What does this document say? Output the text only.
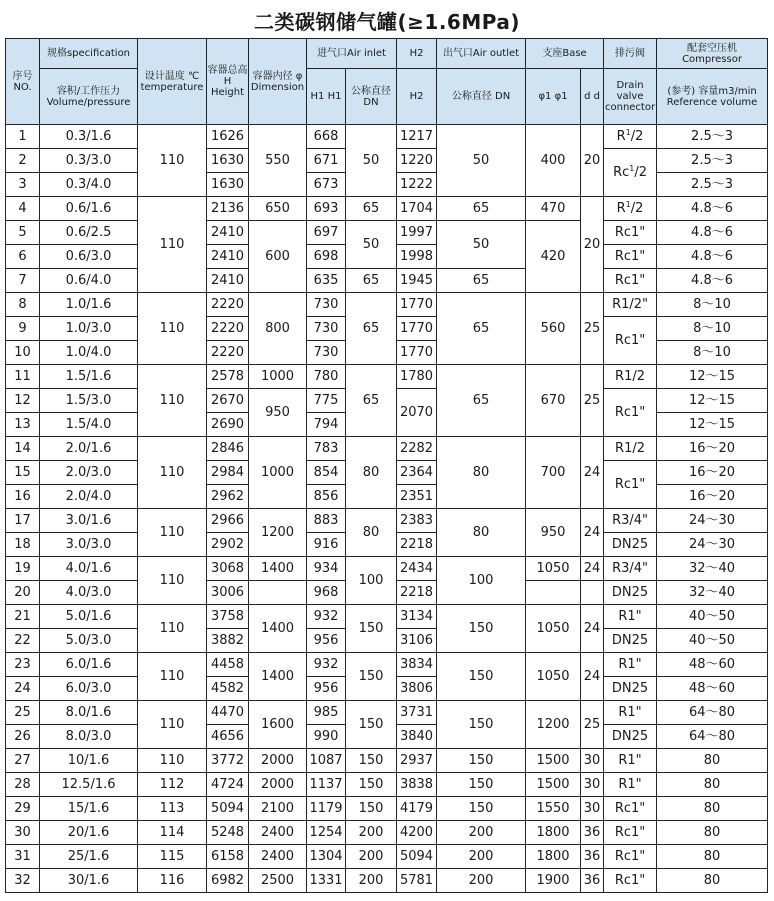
二类碳钢储气罐(≥1.6MPa)
序号NO.	规格specification	设计温度 ℃ temperature	容器总高 H Height	容器内径 φ Dimension	进气口Air inlet		H2	出气口Air outlet	支座Base		排污阀	配套空压机 Compressor
	容积/工作压力 Volume/pressure				H1 H1	公称直径 DN	H2	公称直径 DN	φ1 φ1	d d	Drain valve connector	(参考) 容量m3/min Reference volume
1	0.3/1.6	110	1626	550	668	50	1217	50	400	20	$R^1/2$	2.5～3
2	0.3/3.0		1630		671		1220				Rc$^1$/2	2.5～3
3	0.3/4.0		1630		673		1222					2.5～3
4	0.6/1.6	110	2136	650	693	65	1704	65	470	20	$R^1/2$	4.8～6
5	0.6/2.5		2410	600	697	50	1997	50	420		Rc1"	4.8～6
6	0.6/3.0		2410		698		1998				Rc1"	4.8～6
7	0.6/4.0		2410		635	65	1945	65			Rc1"	4.8～6
8	1.0/1.6	110	2220	800	730	65	1770	65	560	25	R1/2"	8～10
9	1.0/3.0		2220		730		1770				Rc1"	8～10
10	1.0/4.0		2220		730		1770					8～10
11	1.5/1.6	110	2578	1000	780	65	1780	65	670	25	R1/2	12～15
12	1.5/3.0		2670	950	775		2070				Rc1"	12～15
13	1.5/4.0		2690		794							12～15
14	2.0/1.6	110	2846	1000	783	80	2282	80	700	24	R1/2	16～20
15	2.0/3.0		2984		854		2364				Rc1"	16～20
16	2.0/4.0		2962		856		2351					16～20
17	3.0/1.6	110	2966	1200	883	80	2383	80	950	24	R3/4"	24～30
18	3.0/3.0		2902		916		2218				DN25	24～30
19	4.0/1.6	110	3068	1400	934	100	2434	100	1050	24	R3/4"	32～40
20	4.0/3.0		3006		968		2218				DN25	32～40
21	5.0/1.6	110	3758	1400	932	150	3134	150	1050	24	R1"	40～50
22	5.0/3.0		3882		956		3106				DN25	40～50
23	6.0/1.6	110	4458	1400	932	150	3834	150	1050	24	R1"	48～60
24	6.0/3.0		4582		956		3806				DN25	48～60
25	8.0/1.6	110	4470	1600	985	150	3731	150	1200	25	R1"	64～80
26	8.0/3.0		4656		990		3840				DN25	64～80
27	10/1.6	110	3772	2000	1087	150	2937	150	1500	30	R1"	80
28	12.5/1.6	112	4724	2000	1137	150	3838	150	1500	30	R1"	80
29	15/1.6	113	5094	2100	1179	150	4179	150	1550	30	Rc1"	80
30	20/1.6	114	5248	2400	1254	200	4200	200	1800	36	Rc1"	80
31	25/1.6	115	6158	2400	1304	200	5094	200	1800	36	Rc1"	80
32	30/1.6	116	6982	2500	1331	200	5781	200	1900	36	Rc1"	80
